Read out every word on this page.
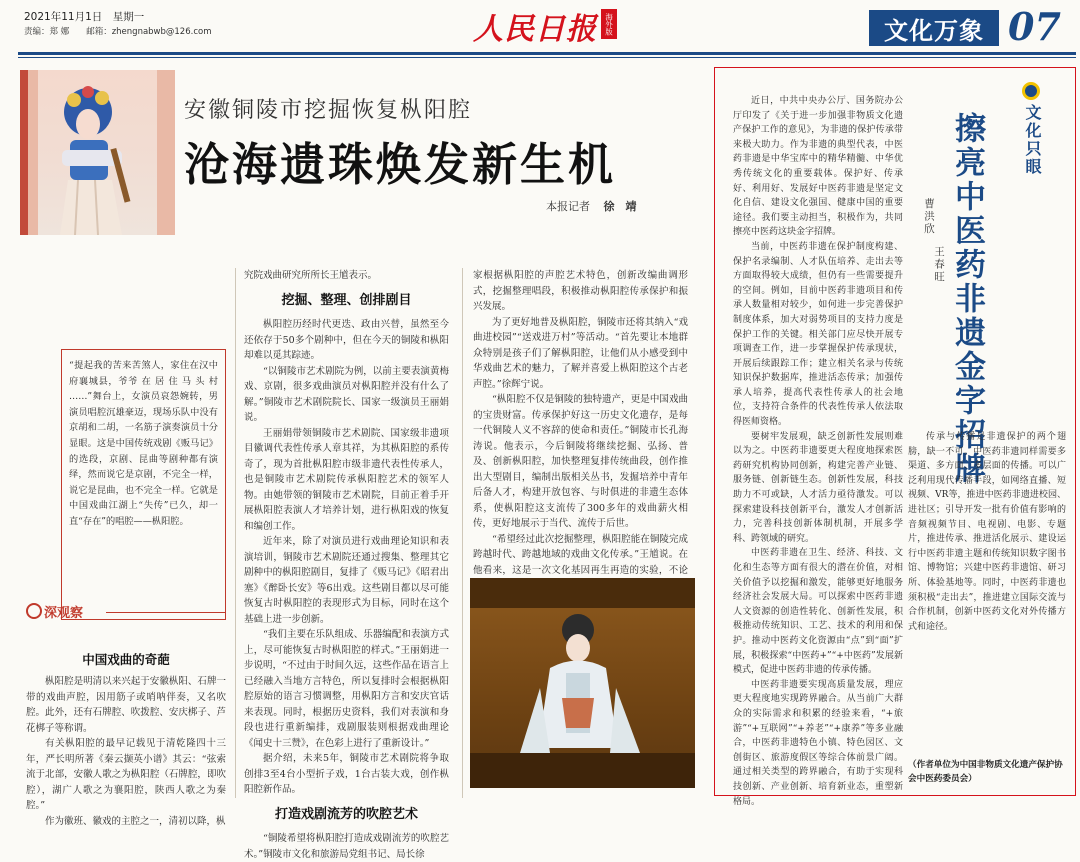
2021年11月1日　星期一
责编：郑 娜　　邮箱：zhengnabwb@126.com	人民日报 海外版	文化万象 07
安徽铜陵市挖掘恢复枞阳腔
沧海遗珠焕发新生机
本报记者 徐　靖
“提起我的苦来苦煞人，家住在汉中府襄城县，爷爷 在 居 住 马 头 村 ……”舞台上，女演员哀怨婉转，男演员唱腔沉雄豪迈，现场乐队中没有京胡和二胡，一名筋子演奏演员十分显眼。这是中国传统戏剧《贩马记》的选段，京剧、昆曲等剧种都有演绎，然而说它是京剧，不完全一样，说它是昆曲，也不完全一样。它就是中国戏曲江湖上“失传”已久，却一直“存在”的唱腔——枞阳腔。
深观察
中国戏曲的奇葩

枞阳腔是明清以来兴起于安徽枞阳、石牌一带的戏曲声腔，因用筋子或哨呐伴奏，又名吹腔。此外，还有石牌腔、吹拨腔、安庆梆子、芦花梆子等称谓。

有关枞阳腔的最早记载见于清乾隆四十三年，严长明所著《秦云撷英小谱》其云：“弦索流于北部，安徽人歌之为枞阳腔（石牌腔，即吹腔），湖广人歌之为襄阳腔，陕西人歌之为秦腔。”

作为徽班、徽戏的主腔之一，清初以降，枞

究院戏曲研究所所长王馗表示。

挖掘、整理、创排剧目

枞阳腔历经时代更迭、政由兴替，虽然至今还依存于50多个剧种中，但在今天的铜陵和枞阳却难以觅其踪迹。

“以铜陵市艺术剧院为例，以前主要表演黄梅戏、京剧，很多戏曲演员对枞阳腔并没有什么了解。”铜陵市艺术剧院院长、国家一级演员王丽娟说。

王丽娟带领铜陵市艺术剧院、国家级非遗项目徽调代表性传承人章其祥，为其枞阳腔的系传奇了，现为首批枞阳腔市级非遗代表性传承人，也是铜陵市艺术剧院传承枞阳腔艺术的领军人物。由她带领的铜陵市艺术剧院，目前正着手开展枞阳腔表演人才培养计划，进行枞阳戏的恢复和编创工作。

近年来，除了对演员进行戏曲理论知识和表演培训，铜陵市艺术剧院还通过搜集、整理其它剧种中的枞阳腔剧目，复排了《贩马记》《昭君出塞》《醉卧长安》等6出戏。这些剧目都以尽可能恢复古时枞阳腔的表现形式为目标，同时在这个基础上进一步创新。

“我们主要在乐队组成、乐器编配和表演方式上，尽可能恢复古时枞阳腔的样式。”王丽娟进一步说明，“不过由于时间久远，这些作品在语言上已经融入当地方言特色，所以复排时会根据枞阳腔原始的语言习惯调整，用枞阳方言和安庆官话来表现。同时，根据历史资料，我们对表演和身段也进行重新编排，戏剧服装则根据戏曲理论《闻史十三赞》，在色彩上进行了重新设计。”

据介绍，未来5年，铜陵市艺术剧院将争取创排3至4台小型折子戏，1台古装大戏，创作枞阳腔新作品。

打造戏剧流芳的吹腔艺术

“铜陵希望将枞阳腔打造成戏剧流芳的吹腔艺术。”铜陵市文化和旅游局党组书记、局长徐

家根据枞阳腔的声腔艺术特色，创新改编曲调形式，挖掘整理唱段，积极推动枞阳腔传承保护和振兴发展。

为了更好地普及枞阳腔，铜陵市还将其纳入“戏曲进校园”“送戏进万村”等活动。“首先要让本地群众特别是孩子们了解枞阳腔，让他们从小感受到中华戏曲艺术的魅力，了解并喜爱上枞阳腔这个古老声腔。”徐辉宁说。

“枞阳腔不仅是铜陵的独特遗产，更是中国戏曲的宝贵财富。传承保护好这一历史文化遗存，是每一代铜陵人义不容辞的使命和责任。”铜陵市长孔海涛说。他表示，今后铜陵将继续挖掘、弘扬、普及、创新枞阳腔，加快整理复排传统曲段，创作推出大型剧目，编制出版相关丛书，发掘培养中青年后备人才，构建开放包容、与时俱进的非遗生态体系，使枞阳腔这支流传了300多年的戏曲薪火相传，更好地展示于当代、流传于后世。

“希望经过此次挖掘整理，枞阳腔能在铜陵完成跨越时代、跨越地域的戏曲文化传承。”王馗说。在他看来，这是一次文化基因再生再造的实验，不论

文化只眼
擦亮中医药非遗金字招牌
曹洪欣
王春旺

近日，中共中央办公厅、国务院办公厅印发了《关于进一步加强非物质文化遗产保护工作的意见》，为非遗的保护传承带来极大助力。作为非遗的典型代表，中医药非遗是中华宝库中的精华精髓、中华优秀传统文化的重要载体。保护好、传承好、利用好、发展好中医药非遗是坚定文化自信、建设文化强国、健康中国的重要途径。我们要主动担当，积极作为，共同擦亮中医药这块金字招牌。

当前，中医药非遗在保护制度构建、保护名录编制、人才队伍培养、走出去等方面取得较大成绩，但仍有一些需要提升的空间。例如，目前中医药非遗项目和传承人数量相对较少，如何进一步完善保护制度体系，加大对弱势项目的支持力度是保护工作的关键。相关部门应尽快开展专项调查工作，进一步掌握保护传承现状，开展后续跟踪工作；建立相关名录与传统知识保护数据库，推进活态传承；加强传承人培养，提高代表性传承人的社会地位，支持符合条件的代表性传承人依法取得医师资格。

要树牢发展观，缺乏创新性发展则难以为之。中医药非遗要更大程度地探索医药研究机构协同创新，构建完善产业链、服务链、创新链生态。创新性发展，科技助力不可或缺，人才活力亟待激发。可以探索建设科技创新平台，激发人才创新活力，完善科技创新体制机制，开展多学科、跨领域的研究。

中医药非遗在卫生、经济、科技、文化和生态等方面有很大的潜在价值，对相关价值予以挖掘和激发，能够更好地服务经济社会发展大局。可以探索中医药非遗人文资源的创造性转化、创新性发展，积极推动传统知识、工艺、技术的利用和保护。推动中医药文化资源由“点”到“面”扩展，积极探索“中医药+”“+中医药”发展新模式，促进中医药非遗的传承传播。

中医药非遗要实现高质量发展，理应更大程度地实现跨界融合。从当前广大群众的实际需求和积累的经验来看，“+旅游”“+互联网”“+养老”“+康养”等多业融合，中医药非遗特色小镇、特色园区、文创街区、旅游度假区等综合体前景广阔。通过相关类型的跨界融合，有助于实现科技创新、产业创新、培育新业态，重塑新格局。

传承与传播是非遗保护的两个翅膀，缺一不可。中医药非遗同样需要多渠道、多方面、多层面的传播。可以广泛利用现代传播手段，如网络直播、短视频、VR等，推进中医药非遗进校园、进社区；引导开发一批有价值有影响的音频视频节目、电视剧、电影、专题片，推进传承、推进活化展示、建设运行中医药非遗主题和传统知识数字图书馆、博物馆；兴建中医药非遗馆、研习所、体验基地等。同时，中医药非遗也须积极“走出去”，推进建立国际交流与合作机制，创新中医药文化对外传播方式和途径。

（作者单位为中国非物质文化遗产保护协会中医药委员会）
